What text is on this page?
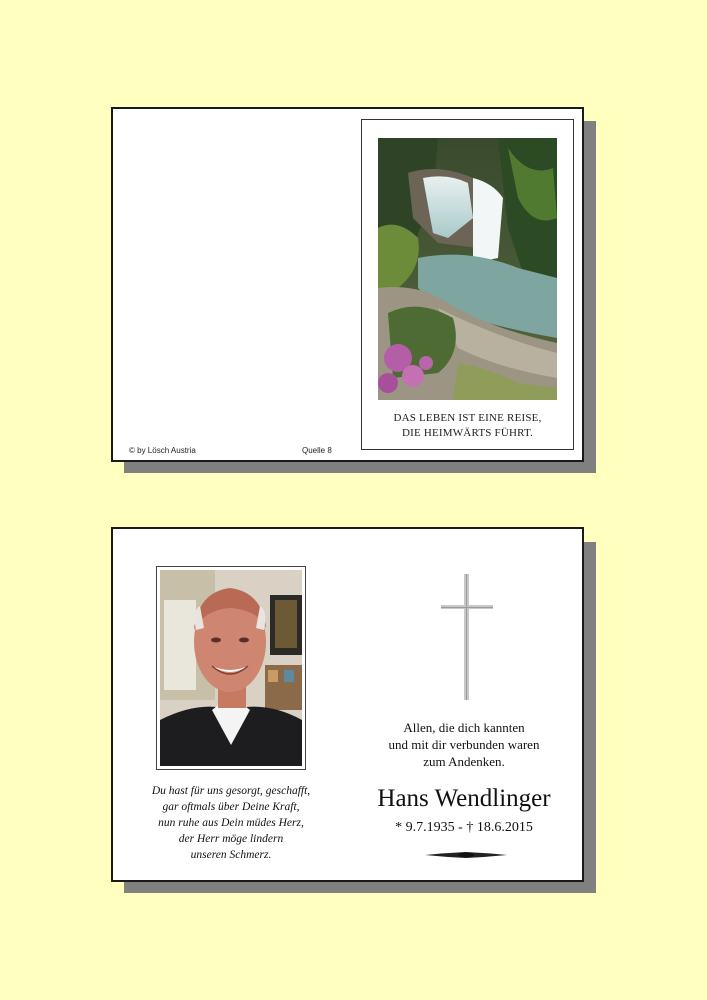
DAS LEBEN IST EINE REISE,
DIE HEIMWÄRTS FÜHRT.
© by Lösch Austria	Quelle 8
Du hast für uns gesorgt, geschafft,
gar oftmals über Deine Kraft,
nun ruhe aus Dein müdes Herz,
der Herr möge lindern
unseren Schmerz.
Allen, die dich kannten
und mit dir verbunden waren
zum Andenken.
Hans Wendlinger
* 9.7.1935 - † 18.6.2015
